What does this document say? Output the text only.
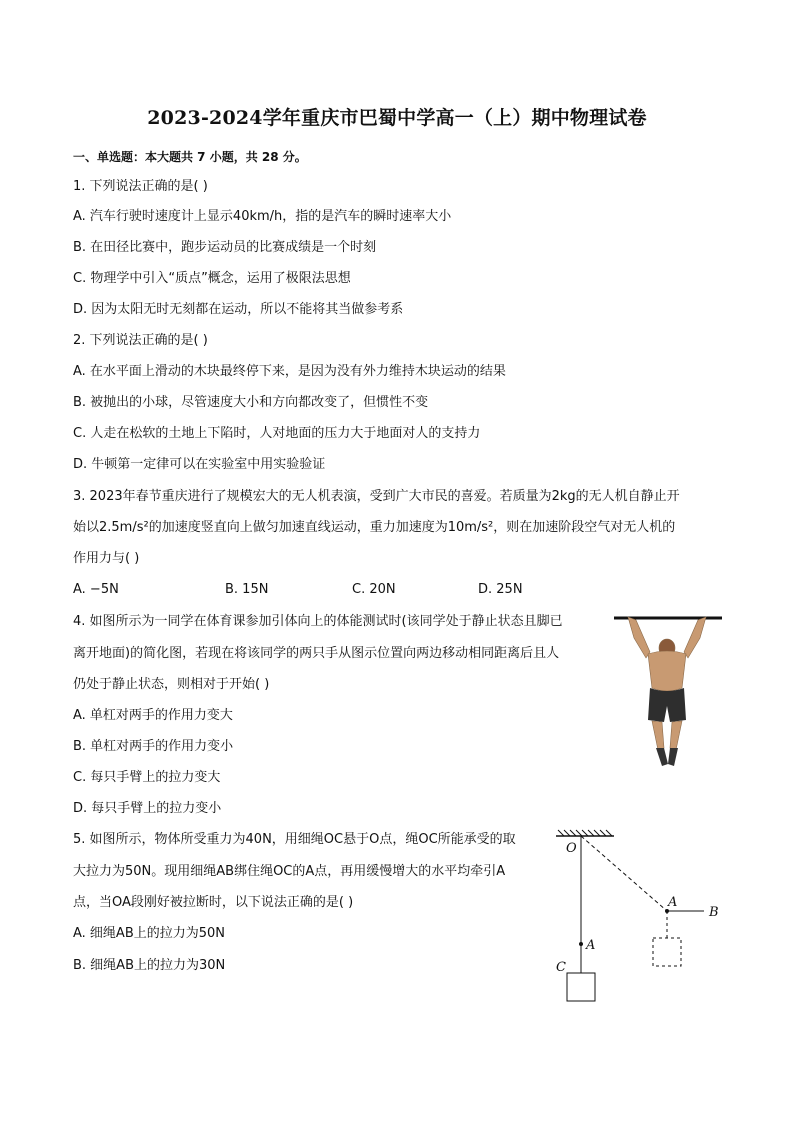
2023-2024学年重庆市巴蜀中学高一（上）期中物理试卷
一、单选题：本大题共 7 小题，共 28 分。
1. 下列说法正确的是( )
A. 汽车行驶时速度计上显示40km/h，指的是汽车的瞬时速率大小
B. 在田径比赛中，跑步运动员的比赛成绩是一个时刻
C. 物理学中引入“质点”概念，运用了极限法思想
D. 因为太阳无时无刻都在运动，所以不能将其当做参考系
2. 下列说法正确的是( )
A. 在水平面上滑动的木块最终停下来，是因为没有外力维持木块运动的结果
B. 被抛出的小球，尽管速度大小和方向都改变了，但惯性不变
C. 人走在松软的土地上下陷时，人对地面的压力大于地面对人的支持力
D. 牛顿第一定律可以在实验室中用实验验证
3. 2023年春节重庆进行了规模宏大的无人机表演，受到广大市民的喜爱。若质量为2kg的无人机自静止开
始以2.5m/s²的加速度竖直向上做匀加速直线运动，重力加速度为10m/s²，则在加速阶段空气对无人机的
作用力与( )
A. −5N	B. 15N	C. 20N	D. 25N
4. 如图所示为一同学在体育课参加引体向上的体能测试时(该同学处于静止状态且脚已
离开地面)的简化图，若现在将该同学的两只手从图示位置向两边移动相同距离后且人
仍处于静止状态，则相对于开始( )
A. 单杠对两手的作用力变大
B. 单杠对两手的作用力变小
C. 每只手臂上的拉力变大
D. 每只手臂上的拉力变小
5. 如图所示，物体所受重力为40N，用细绳OC悬于O点，绳OC所能承受的取
大拉力为50N。现用细绳AB绑住绳OC的A点，再用缓慢增大的水平均牵引A
点，当OA段刚好被拉断时，以下说法正确的是( )
A. 细绳AB上的拉力为50N
B. 细绳AB上的拉力为30N
O
A
C
A
B
